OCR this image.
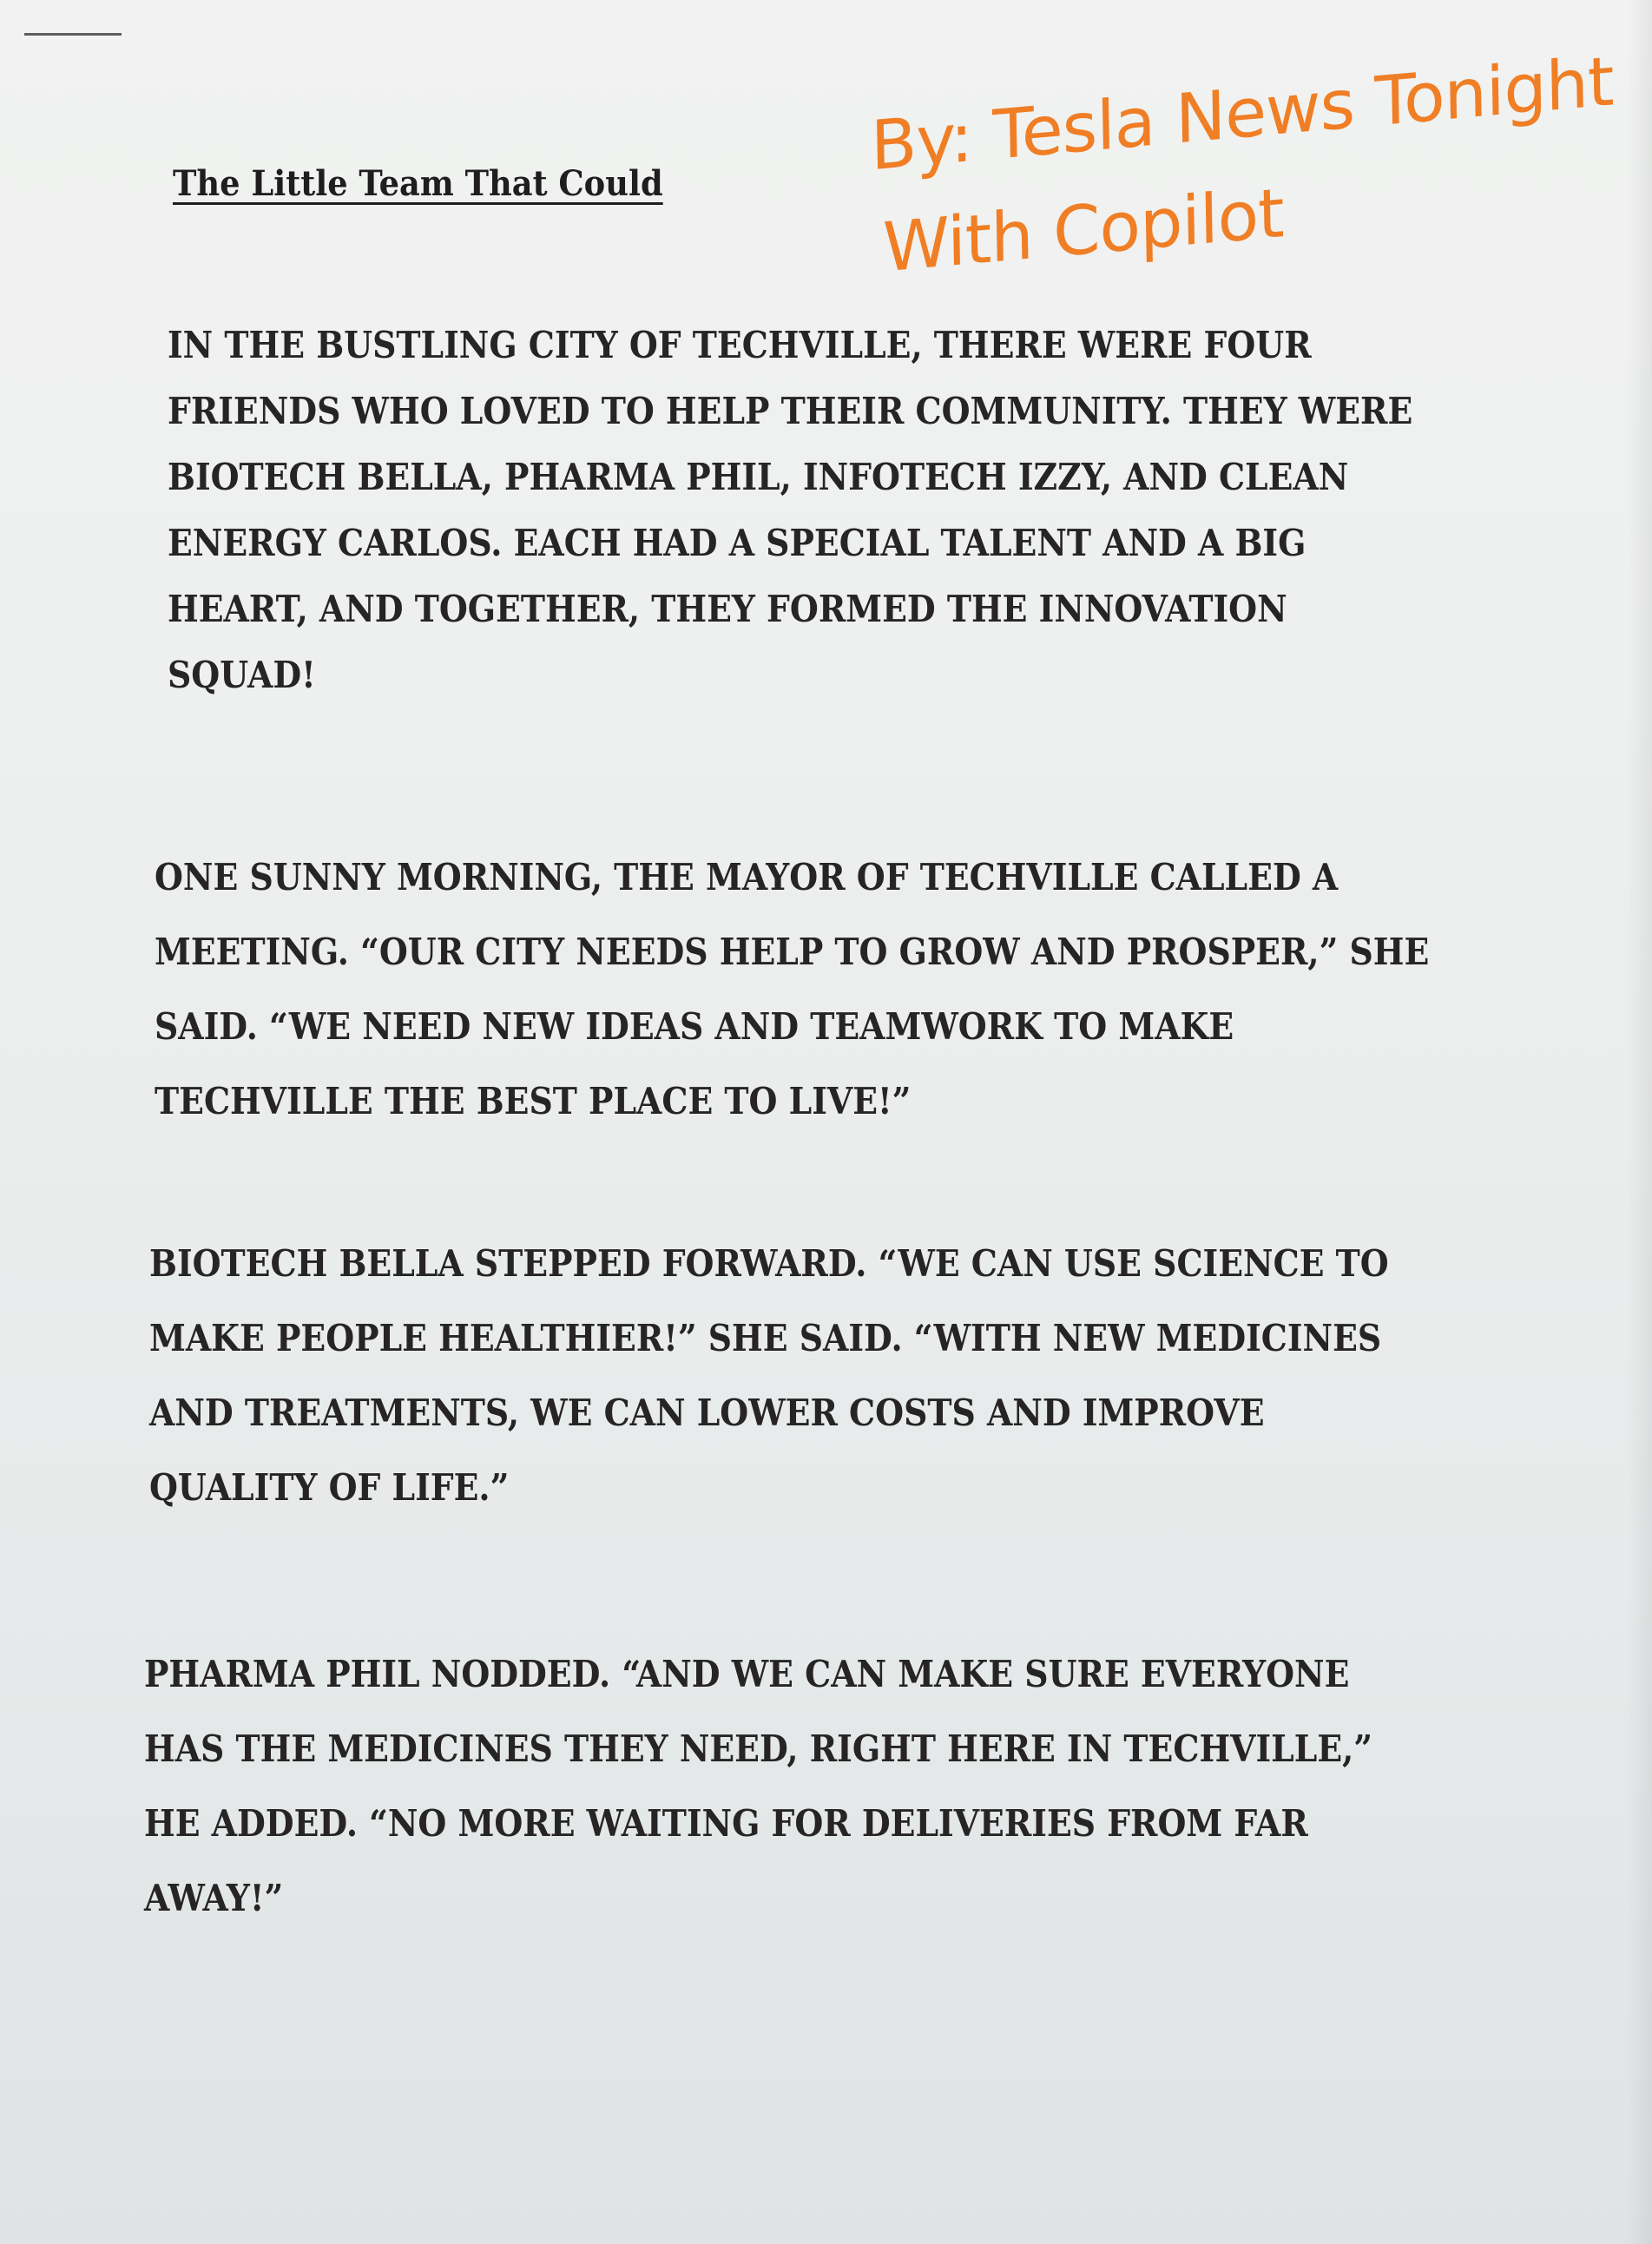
The Little Team That Could	By: Tesla News Tonight
With Copilot
IN THE BUSTLING CITY OF TECHVILLE, THERE WERE FOUR
FRIENDS WHO LOVED TO HELP THEIR COMMUNITY. THEY WERE
BIOTECH BELLA, PHARMA PHIL, INFOTECH IZZY, AND CLEAN
ENERGY CARLOS. EACH HAD A SPECIAL TALENT AND A BIG
HEART, AND TOGETHER, THEY FORMED THE INNOVATION
SQUAD!
ONE SUNNY MORNING, THE MAYOR OF TECHVILLE CALLED A
MEETING. “OUR CITY NEEDS HELP TO GROW AND PROSPER,” SHE
SAID. “WE NEED NEW IDEAS AND TEAMWORK TO MAKE
TECHVILLE THE BEST PLACE TO LIVE!”
BIOTECH BELLA STEPPED FORWARD. “WE CAN USE SCIENCE TO
MAKE PEOPLE HEALTHIER!” SHE SAID. “WITH NEW MEDICINES
AND TREATMENTS, WE CAN LOWER COSTS AND IMPROVE
QUALITY OF LIFE.”
PHARMA PHIL NODDED. “AND WE CAN MAKE SURE EVERYONE
HAS THE MEDICINES THEY NEED, RIGHT HERE IN TECHVILLE,”
HE ADDED. “NO MORE WAITING FOR DELIVERIES FROM FAR
AWAY!”
